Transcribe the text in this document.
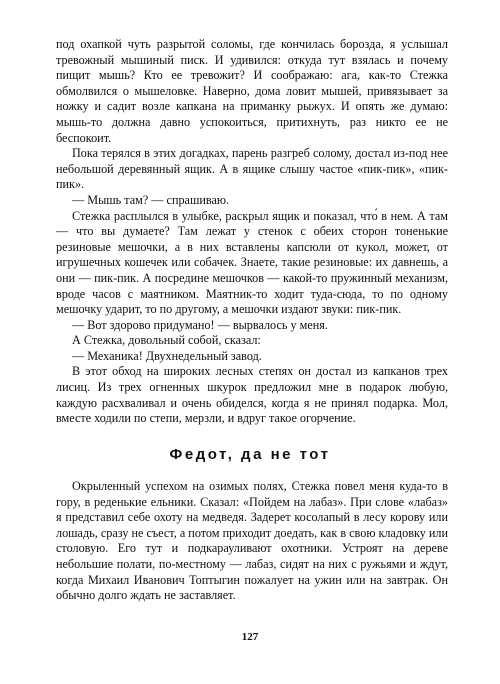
под охапкой чуть разрытой соломы, где кончилась борозда, я услышал тревожный мышиный писк. И удивился: откуда тут взялась и почему пищит мышь? Кто ее тревожит? И соображаю: ага, как-то Стежка обмолвился о мышеловке. Наверно, дома ловит мышей, привязывает за ножку и садит возле капкана на приманку рыжух. И опять же думаю: мышь-то должна давно успокоиться, притихнуть, раз никто ее не беспокоит.

Пока терялся в этих догадках, парень разгреб солому, достал из-под нее небольшой деревянный ящик. А в ящике слышу частое «пик-пик», «пик-пик».

— Мышь там? — спрашиваю.

Стежка расплылся в улыбке, раскрыл ящик и показал, что́ в нем. А там — что вы думаете? Там лежат у стенок с обеих сторон тоненькие резиновые мешочки, а в них вставлены капсюли от кукол, может, от игрушечных кошечек или собачек. Знаете, такие резиновые: их давнешь, а они — пик-пик. А посредине мешочков — какой-то пружинный механизм, вроде часов с маятником. Маятник-то ходит туда-сюда, то по одному мешочку ударит, то по другому, а мешочки издают звуки: пик-пик.

— Вот здорово придумано! — вырвалось у меня.

А Стежка, довольный собой, сказал:

— Механика! Двухнедельный завод.

В этот обход на широких лесных степях он достал из капканов трех лисиц. Из трех огненных шкурок предложил мне в подарок любую, каждую расхваливал и очень обиделся, когда я не принял подарка. Мол, вместе ходили по степи, мерзли, и вдруг такое огорчение.

Федот, да не тот

Окрыленный успехом на озимых полях, Стежка повел меня куда-то в гору, в реденькие ельники. Сказал: «Пойдем на лабаз». При слове «лабаз» я представил себе охоту на медведя. Задерет косолапый в лесу корову или лошадь, сразу не съест, а потом приходит доедать, как в свою кладовку или столовую. Его тут и подкарауливают охотники. Устроят на дереве небольшие полати, по-местному — лабаз, сидят на них с ружьями и ждут, когда Михаил Иванович Топтыгин пожалует на ужин или на завтрак. Он обычно долго ждать не заставляет.

127
